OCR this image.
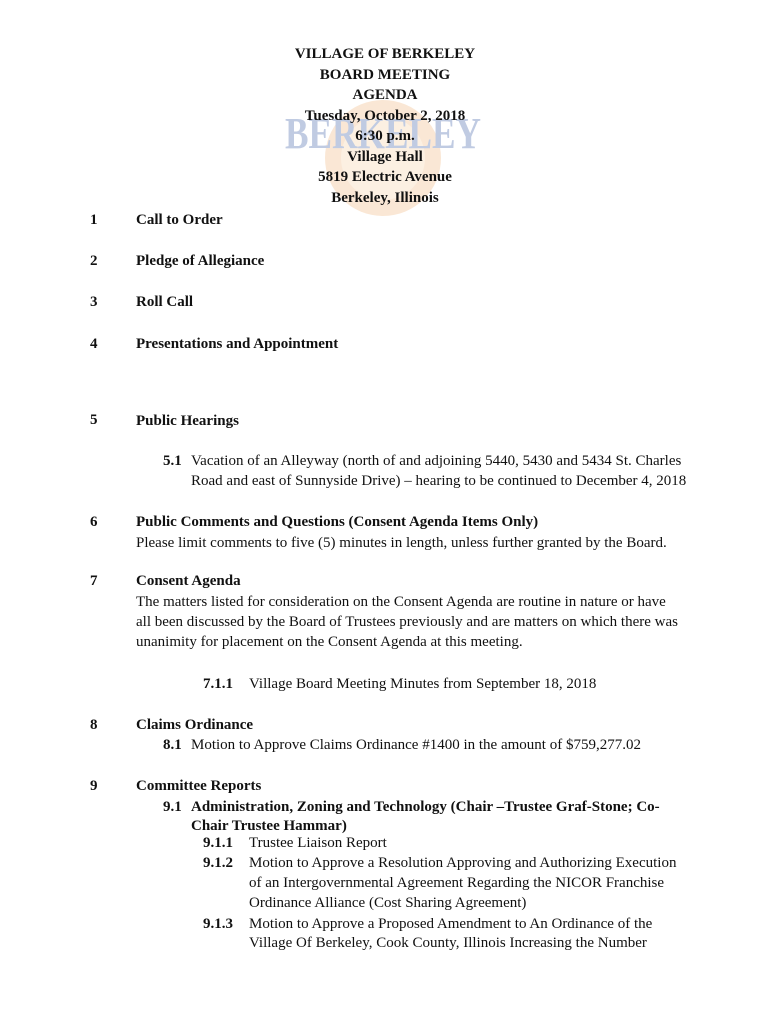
BERKELEY
VILLAGE OF BERKELEY
BOARD MEETING
AGENDA
Tuesday, October 2, 2018
6:30 p.m.
Village Hall
5819 Electric Avenue
Berkeley, Illinois
1	Call to Order
2	Pledge of Allegiance
3	Roll Call
4	Presentations and Appointment
5	Public Hearings
5.1 Vacation of an Alleyway (north of and adjoining 5440, 5430 and 5434 St. Charles
Road and east of Sunnyside Drive) – hearing to be continued to December 4, 2018
6	Public Comments and Questions (Consent Agenda Items Only)
Please limit comments to five (5) minutes in length, unless further granted by the Board.
7	Consent Agenda
The matters listed for consideration on the Consent Agenda are routine in nature or have
all been discussed by the Board of Trustees previously and are matters on which there was
unanimity for placement on the Consent Agenda at this meeting.
7.1.1 Village Board Meeting Minutes from September 18, 2018
8	Claims Ordinance
8.1 Motion to Approve Claims Ordinance #1400 in the amount of $759,277.02
9	Committee Reports
9.1 Administration, Zoning and Technology (Chair –Trustee Graf-Stone; Co-
Chair Trustee Hammar)
9.1.1 Trustee Liaison Report
9.1.2 Motion to Approve a Resolution Approving and Authorizing Execution
of an Intergovernmental Agreement Regarding the NICOR Franchise
Ordinance Alliance (Cost Sharing Agreement)
9.1.3 Motion to Approve a Proposed Amendment to An Ordinance of the
Village Of Berkeley, Cook County, Illinois Increasing the Number
